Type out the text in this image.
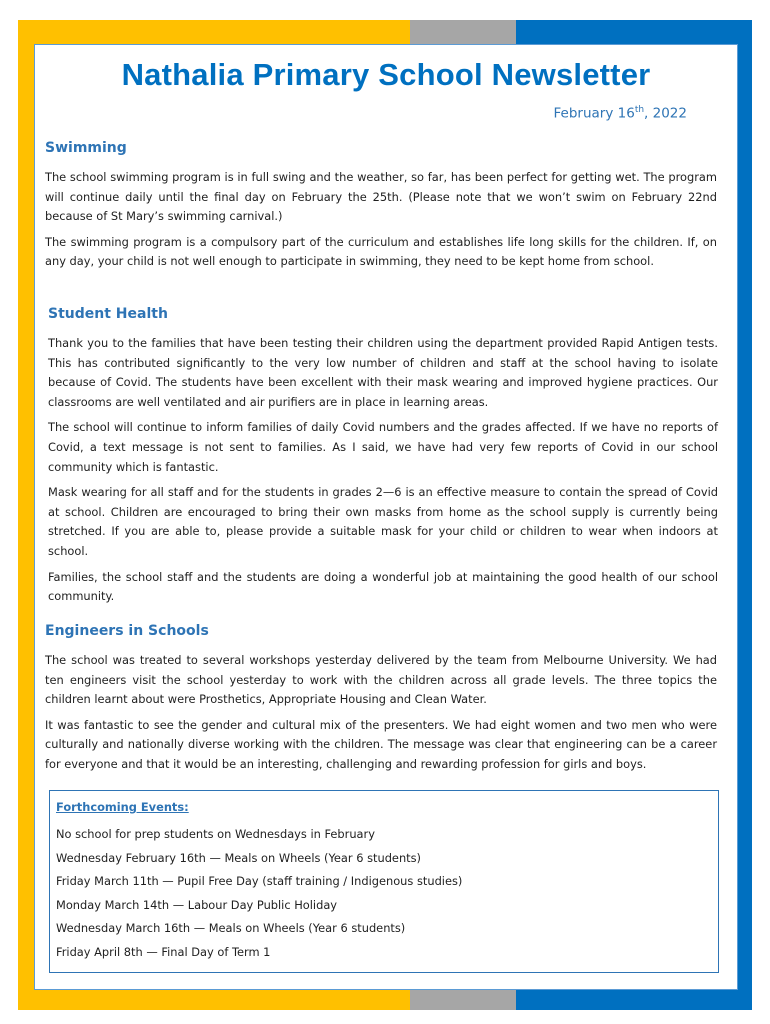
Nathalia Primary School Newsletter
February 16th, 2022
Swimming

The school swimming program is in full swing and the weather, so far, has been perfect for getting wet. The program will continue daily until the final day on February the 25th. (Please note that we won’t swim on February 22nd because of St Mary’s swimming carnival.)

The swimming program is a compulsory part of the curriculum and establishes life long skills for the children. If, on any day, your child is not well enough to participate in swimming, they need to be kept home from school.

Student Health

Thank you to the families that have been testing their children using the department provided Rapid Antigen tests. This has contributed significantly to the very low number of children and staff at the school having to isolate because of Covid. The students have been excellent with their mask wearing and improved hygiene practices. Our classrooms are well ventilated and air purifiers are in place in learning areas.

The school will continue to inform families of daily Covid numbers and the grades affected. If we have no reports of Covid, a text message is not sent to families. As I said, we have had very few reports of Covid in our school community which is fantastic.

Mask wearing for all staff and for the students in grades 2—6 is an effective measure to contain the spread of Covid at school. Children are encouraged to bring their own masks from home as the school supply is currently being stretched. If you are able to, please provide a suitable mask for your child or children to wear when indoors at school.

Families, the school staff and the students are doing a wonderful job at maintaining the good health of our school community.

Engineers in Schools

The school was treated to several workshops yesterday delivered by the team from Melbourne University. We had ten engineers visit the school yesterday to work with the children across all grade levels. The three topics the children learnt about were Prosthetics, Appropriate Housing and Clean Water.

It was fantastic to see the gender and cultural mix of the presenters. We had eight women and two men who were culturally and nationally diverse working with the children. The message was clear that engineering can be a career for everyone and that it would be an interesting, challenging and rewarding profession for girls and boys.

Forthcoming Events:
No school for prep students on Wednesdays in February
Wednesday February 16th — Meals on Wheels (Year 6 students)
Friday March 11th — Pupil Free Day (staff training / Indigenous studies)
Monday March 14th — Labour Day Public Holiday
Wednesday March 16th — Meals on Wheels (Year 6 students)
Friday April 8th — Final Day of Term 1
